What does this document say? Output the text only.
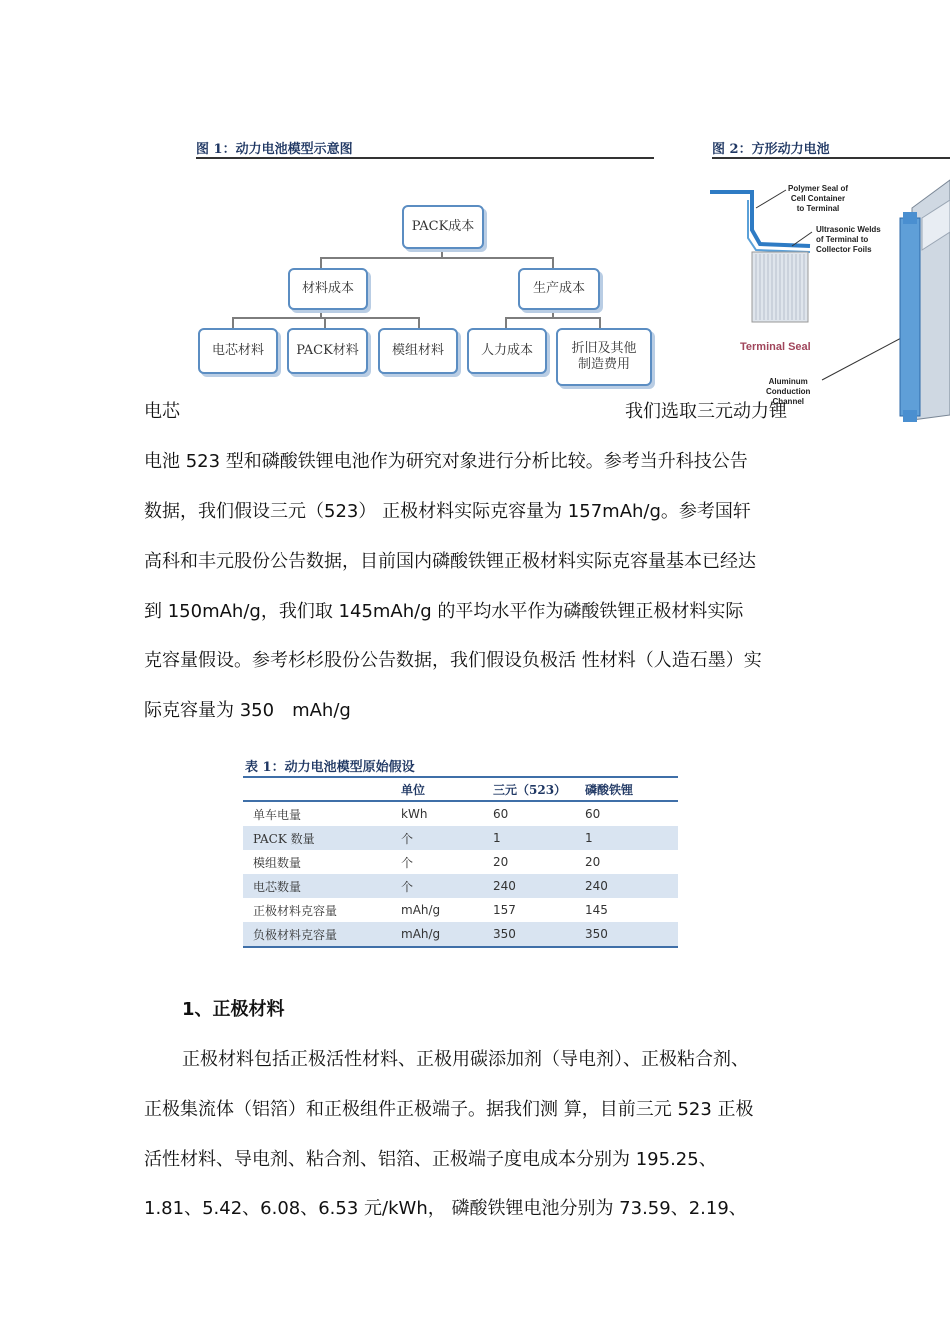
图 1：动力电池模型示意图
PACK成本
材料成本	生产成本
电芯材料	PACK材料	模组材料	人力成本	折旧及其他
制造费用
图 2：方形动力电池
Polymer Seal of
Cell Container
to Terminal
Ultrasonic Welds
of Terminal to
Collector Foils
Terminal Seal
Aluminum
Conduction
Channel
电芯	我们选取三元动力锂
电池 523 型和磷酸铁锂电池作为研究对象进行分析比较。参考当升科技公告
数据，我们假设三元（523） 正极材料实际克容量为 157mAh/g。参考国轩
高科和丰元股份公告数据，目前国内磷酸铁锂正极材料实际克容量基本已经达
到 150mAh/g，我们取 145mAh/g 的平均水平作为磷酸铁锂正极材料实际
克容量假设。参考杉杉股份公告数据，我们假设负极活 性材料（人造石墨）实
际克容量为 350　mAh/g
表 1：动力电池模型原始假设
	单位	三元（523）	磷酸铁锂
单车电量	kWh	60	60
PACK 数量	个	1	1
模组数量	个	20	20
电芯数量	个	240	240
正极材料克容量	mAh/g	157	145
负极材料克容量	mAh/g	350	350
1、正极材料
正极材料包括正极活性材料、正极用碳添加剂（导电剂）、正极粘合剂、
正极集流体（铝箔）和正极组件正极端子。据我们测 算，目前三元 523 正极
活性材料、导电剂、粘合剂、铝箔、正极端子度电成本分别为 195.25、
1.81、5.42、6.08、6.53 元/kWh， 磷酸铁锂电池分别为 73.59、2.19、
